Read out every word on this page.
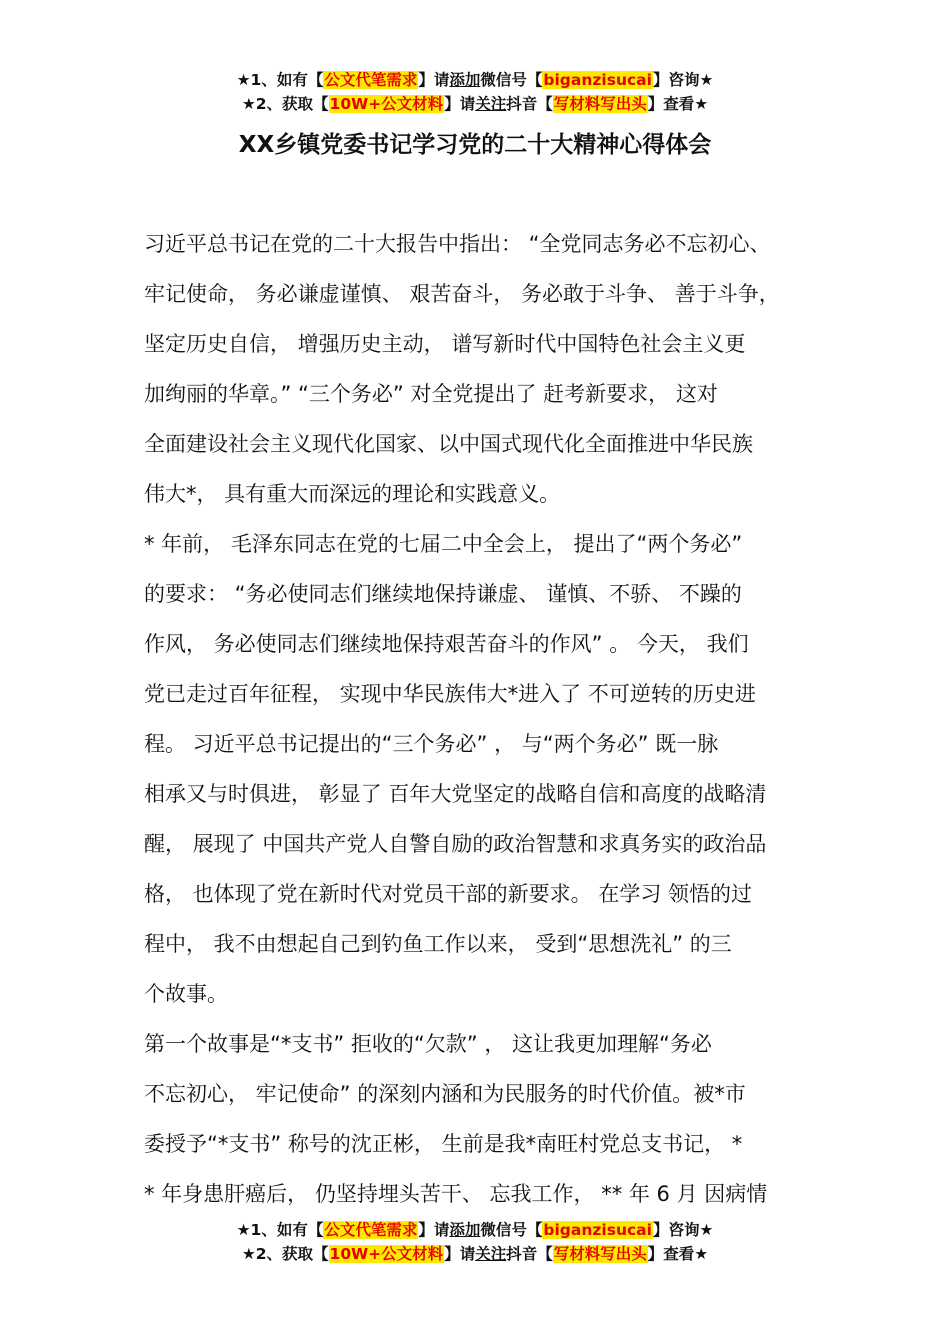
★1、如有【公文代笔需求】请添加微信号【biganzisucai】咨询★
★2、获取【10W+公文材料】请关注抖音【写材料写出头】查看★
XX乡镇党委书记学习党的二十大精神心得体会
习近平总书记在党的二十大报告中指出： “全党同志务必不忘初心、
牢记使命， 务必谦虚谨慎、 艰苦奋斗， 务必敢于斗争、 善于斗争，
坚定历史自信， 增强历史主动， 谱写新时代中国特色社会主义更
加绚丽的华章。” “三个务必” 对全党提出了 赶考新要求， 这对
全面建设社会主义现代化国家、以中国式现代化全面推进中华民族
伟大*， 具有重大而深远的理论和实践意义。
* 年前， 毛泽东同志在党的七届二中全会上， 提出了“两个务必”
的要求： “务必使同志们继续地保持谦虚、 谨慎、不骄、 不躁的
作风， 务必使同志们继续地保持艰苦奋斗的作风” 。 今天， 我们
党已走过百年征程， 实现中华民族伟大*进入了 不可逆转的历史进
程。 习近平总书记提出的“三个务必” ， 与“两个务必” 既一脉
相承又与时俱进， 彰显了 百年大党坚定的战略自信和高度的战略清
醒， 展现了 中国共产党人自警自励的政治智慧和求真务实的政治品
格， 也体现了党在新时代对党员干部的新要求。 在学习 领悟的过
程中， 我不由想起自己到钓鱼工作以来， 受到“思想洗礼” 的三
个故事。
第一个故事是“*支书” 拒收的“欠款” ， 这让我更加理解“务必
不忘初心， 牢记使命” 的深刻内涵和为民服务的时代价值。被*市
委授予“*支书” 称号的沈正彬， 生前是我*南旺村党总支书记， *
* 年身患肝癌后， 仍坚持埋头苦干、 忘我工作， ** 年 6 月 因病情
★1、如有【公文代笔需求】请添加微信号【biganzisucai】咨询★
★2、获取【10W+公文材料】请关注抖音【写材料写出头】查看★
